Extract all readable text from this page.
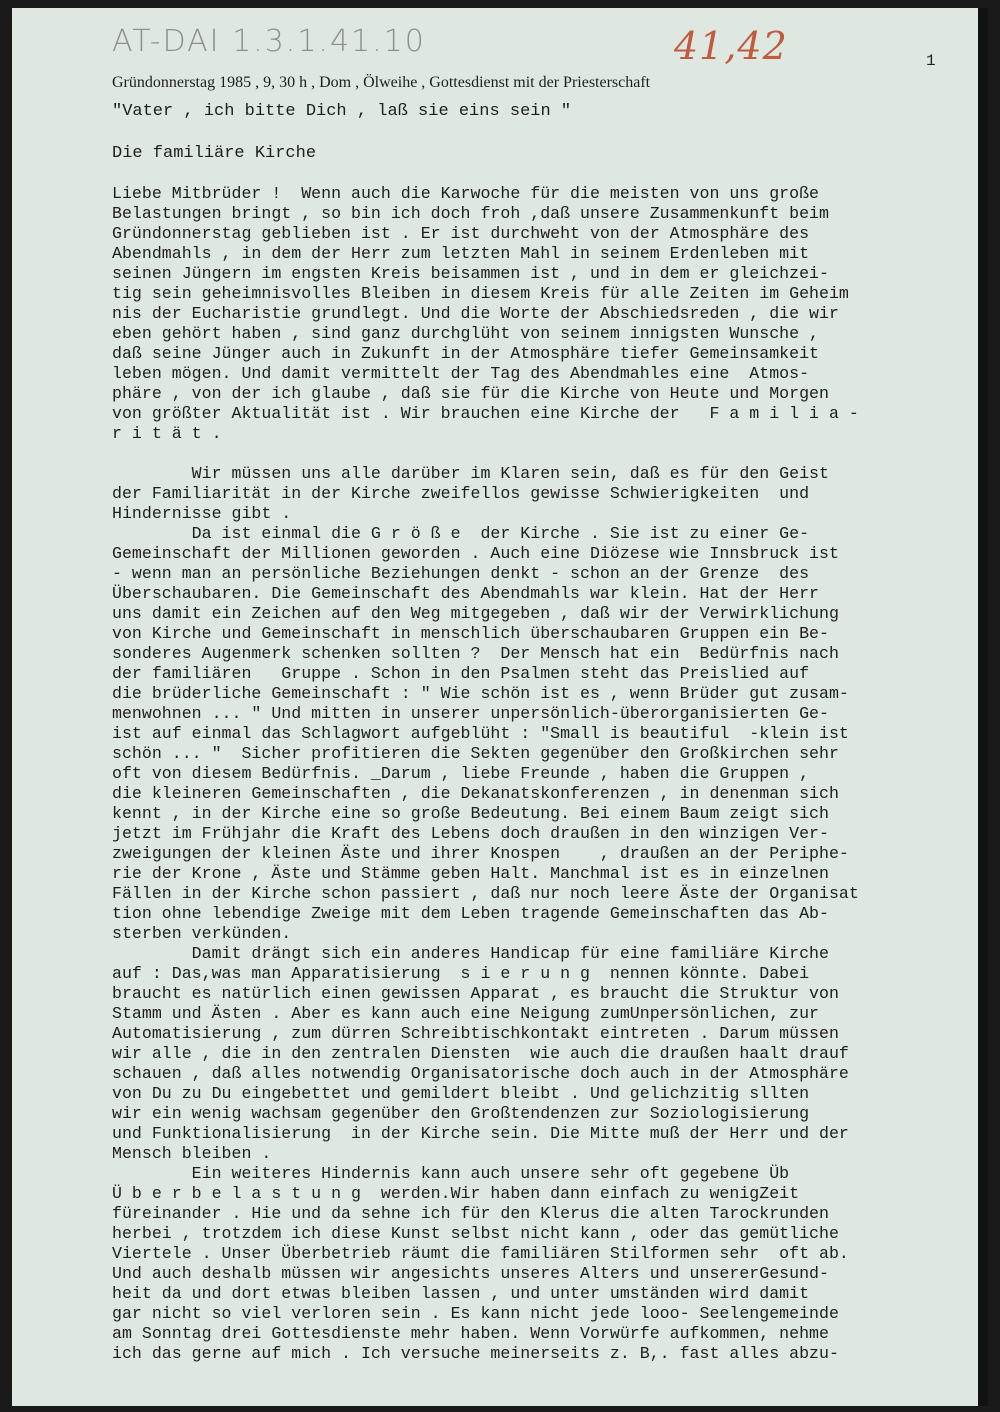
AT-DAI 1.3.1.41.10	41,42	1
Gründonnerstag 1985 , 9, 30 h , Dom , Ölweihe , Gottesdienst mit der Priesterschaft
"Vater , ich bitte Dich , laß sie eins sein "
Die familiäre Kirche
Liebe Mitbrüder !  Wenn auch die Karwoche für die meisten von uns große
Belastungen bringt , so bin ich doch froh ,daß unsere Zusammenkunft beim
Gründonnerstag geblieben ist . Er ist durchweht von der Atmosphäre des
Abendmahls , in dem der Herr zum letzten Mahl in seinem Erdenleben mit
seinen Jüngern im engsten Kreis beisammen ist , und in dem er gleichzei-
tig sein geheimnisvolles Bleiben in diesem Kreis für alle Zeiten im Geheim
nis der Eucharistie grundlegt. Und die Worte der Abschiedsreden , die wir
eben gehört haben , sind ganz durchglüht von seinem innigsten Wunsche ,
daß seine Jünger auch in Zukunft in der Atmosphäre tiefer Gemeinsamkeit
leben mögen. Und damit vermittelt der Tag des Abendmahles eine  Atmos-
phäre , von der ich glaube , daß sie für die Kirche von Heute und Morgen
von größter Aktualität ist . Wir brauchen eine Kirche der   F a m i l i a -
r i t ä t .
Wir müssen uns alle darüber im Klaren sein, daß es für den Geist
der Familiarität in der Kirche zweifellos gewisse Schwierigkeiten  und
Hindernisse gibt .
Da ist einmal die G r ö ß e  der Kirche . Sie ist zu einer Ge-
Gemeinschaft der Millionen geworden . Auch eine Diözese wie Innsbruck ist
- wenn man an persönliche Beziehungen denkt - schon an der Grenze  des
Überschaubaren. Die Gemeinschaft des Abendmahls war klein. Hat der Herr
uns damit ein Zeichen auf den Weg mitgegeben , daß wir der Verwirklichung
von Kirche und Gemeinschaft in menschlich überschaubaren Gruppen ein Be-
sonderes Augenmerk schenken sollten ?  Der Mensch hat ein  Bedürfnis nach
der familiären   Gruppe . Schon in den Psalmen steht das Preislied auf
die brüderliche Gemeinschaft : " Wie schön ist es , wenn Brüder gut zusam-
menwohnen ... " Und mitten in unserer unpersönlich-überorganisierten Ge-
ist auf einmal das Schlagwort aufgeblüht : "Small is beautiful  -klein ist
schön ... "  Sicher profitieren die Sekten gegenüber den Großkirchen sehr
oft von diesem Bedürfnis. _Darum , liebe Freunde , haben die Gruppen ,
die kleineren Gemeinschaften , die Dekanatskonferenzen , in denenman sich
kennt , in der Kirche eine so große Bedeutung. Bei einem Baum zeigt sich
jetzt im Frühjahr die Kraft des Lebens doch draußen in den winzigen Ver-
zweigungen der kleinen Äste und ihrer Knospen    , draußen an der Periphe-
rie der Krone , Äste und Stämme geben Halt. Manchmal ist es in einzelnen
Fällen in der Kirche schon passiert , daß nur noch leere Äste der Organisat
tion ohne lebendige Zweige mit dem Leben tragende Gemeinschaften das Ab-
sterben verkünden.
Damit drängt sich ein anderes Handicap für eine familiäre Kirche
auf : Das,was man Apparatisierung  s i e r u n g  nennen könnte. Dabei
braucht es natürlich einen gewissen Apparat , es braucht die Struktur von
Stamm und Ästen . Aber es kann auch eine Neigung zumUnpersönlichen, zur
Automatisierung , zum dürren Schreibtischkontakt eintreten . Darum müssen
wir alle , die in den zentralen Diensten  wie auch die draußen haalt drauf
schauen , daß alles notwendig Organisatorische doch auch in der Atmosphäre
von Du zu Du eingebettet und gemildert bleibt . Und gelichzitig sllten
wir ein wenig wachsam gegenüber den Großtendenzen zur Soziologisierung
und Funktionalisierung  in der Kirche sein. Die Mitte muß der Herr und der
Mensch bleiben .
Ein weiteres Hindernis kann auch unsere sehr oft gegebene Üb
Ü b e r b e l a s t u n g  werden.Wir haben dann einfach zu wenigZeit
füreinander . Hie und da sehne ich für den Klerus die alten Tarockrunden
herbei , trotzdem ich diese Kunst selbst nicht kann , oder das gemütliche
Viertele . Unser Überbetrieb räumt die familiären Stilformen sehr  oft ab.
Und auch deshalb müssen wir angesichts unseres Alters und unsererGesund-
heit da und dort etwas bleiben lassen , und unter umständen wird damit
gar nicht so viel verloren sein . Es kann nicht jede looo- Seelengemeinde
am Sonntag drei Gottesdienste mehr haben. Wenn Vorwürfe aufkommen, nehme
ich das gerne auf mich . Ich versuche meinerseits z. B,. fast alles abzu-
